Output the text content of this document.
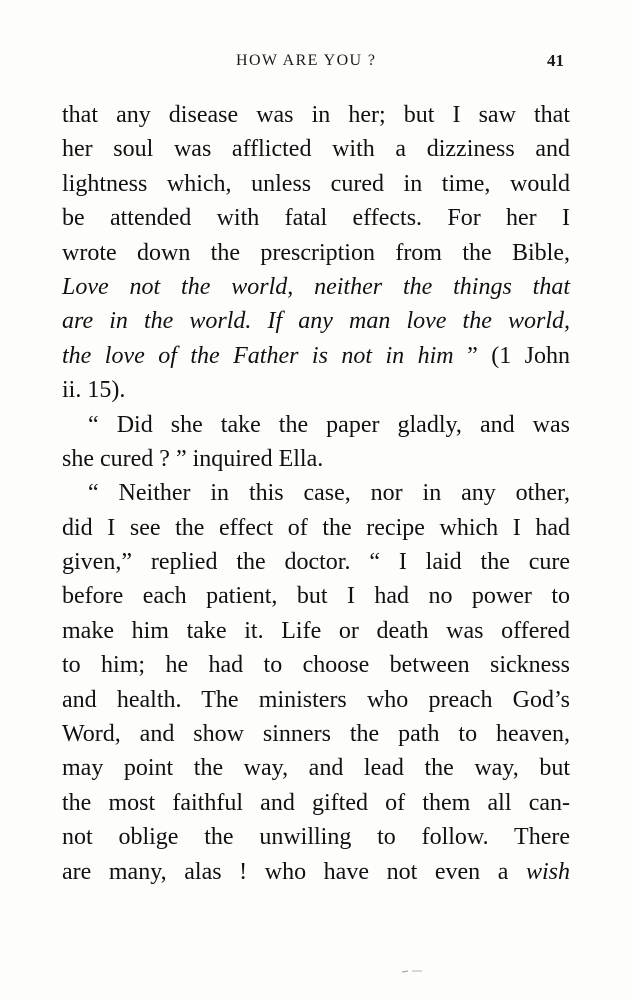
HOW ARE YOU ?	41
that any disease was in her; but I saw that
her soul was afflicted with a dizziness and
lightness which, unless cured in time, would
be attended with fatal effects. For her I
wrote down the prescription from the Bible,
Love not the world, neither the things that
are in the world. If any man love the world,
the love of the Father is not in him ” (1 John
ii. 15).
“ Did she take the paper gladly, and was
she cured ? ” inquired Ella.
“ Neither in this case, nor in any other,
did I see the effect of the recipe which I had
given,” replied the doctor. “ I laid the cure
before each patient, but I had no power to
make him take it. Life or death was offered
to him; he had to choose between sickness
and health. The ministers who preach God’s
Word, and show sinners the path to heaven,
may point the way, and lead the way, but
the most faithful and gifted of them all can-
not oblige the unwilling to follow. There
are many, alas ! who have not even a wish
